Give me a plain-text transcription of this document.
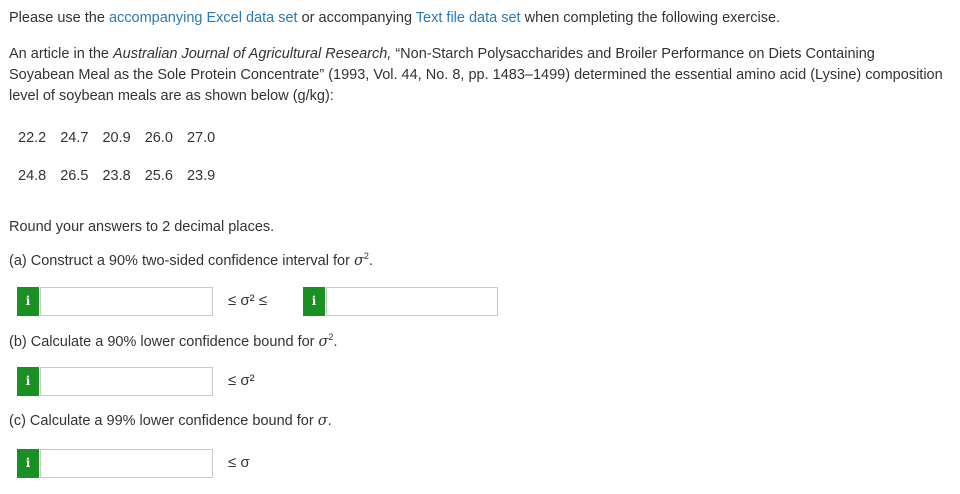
Please use the accompanying Excel data set or accompanying Text file data set when completing the following exercise.
An article in the Australian Journal of Agricultural Research, “Non-Starch Polysaccharides and Broiler Performance on Diets Containing Soyabean Meal as the Sole Protein Concentrate” (1993, Vol. 44, No. 8, pp. 1483–1499) determined the essential amino acid (Lysine) composition level of soybean meals are as shown below (g/kg):
22.2 24.7 20.9 26.0 27.0
24.8 26.5 23.8 25.6 23.9
Round your answers to 2 decimal places.
(a) Construct a 90% two-sided confidence interval for $\sigma^2$.
i	≤ σ² ≤	i
(b) Calculate a 90% lower confidence bound for $\sigma^2$.
i	≤ σ²
(c) Calculate a 99% lower confidence bound for σ.
i	≤ σ
